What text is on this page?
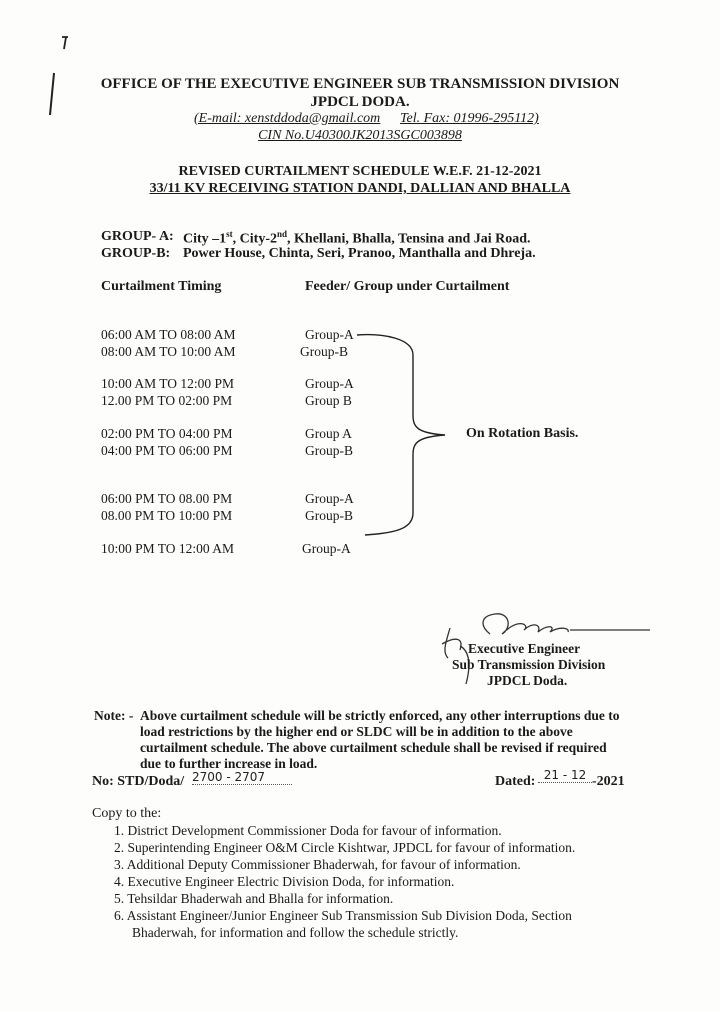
OFFICE OF THE EXECUTIVE ENGINEER SUB TRANSMISSION DIVISION
JPDCL DODA.
(E-mail: xenstddoda@gmail.com Tel. Fax: 01996-295112)
CIN No.U40300JK2013SGC003898
REVISED CURTAILMENT SCHEDULE W.E.F. 21-12-2021
33/11 KV RECEIVING STATION DANDI, DALLIAN AND BHALLA
GROUP- A: City –1st, City-2nd, Khellani, Bhalla, Tensina and Jai Road.
GROUP-B: Power House, Chinta, Seri, Pranoo, Manthalla and Dhreja.
Curtailment Timing	Feeder/ Group under Curtailment
06:00 AM TO 08:00 AM	Group-A
08:00 AM TO 10:00 AM	Group-B
10:00 AM TO 12:00 PM	Group-A
12.00 PM TO 02:00 PM	Group B
02:00 PM TO 04:00 PM	Group A
04:00 PM TO 06:00 PM	Group-B
06:00 PM TO 08.00 PM	Group-A
08.00 PM TO 10:00 PM	Group-B
10:00 PM TO 12:00 AM	Group-A
On Rotation Basis.
Executive Engineer
Sub Transmission Division
JPDCL Doda.
Note: - Above curtailment schedule will be strictly enforced, any other interruptions due to
load restrictions by the higher end or SLDC will be in addition to the above
curtailment schedule. The above curtailment schedule shall be revised if required
due to further increase in load.
No: STD/Doda/ 2700 - 2707	Dated: 21 - 12 -2021
Copy to the:
1. District Development Commissioner Doda for favour of information.
2. Superintending Engineer O&M Circle Kishtwar, JPDCL for favour of information.
3. Additional Deputy Commissioner Bhaderwah, for favour of information.
4. Executive Engineer Electric Division Doda, for information.
5. Tehsildar Bhaderwah and Bhalla for information.
6. Assistant Engineer/Junior Engineer Sub Transmission Sub Division Doda, Section
Bhaderwah, for information and follow the schedule strictly.
